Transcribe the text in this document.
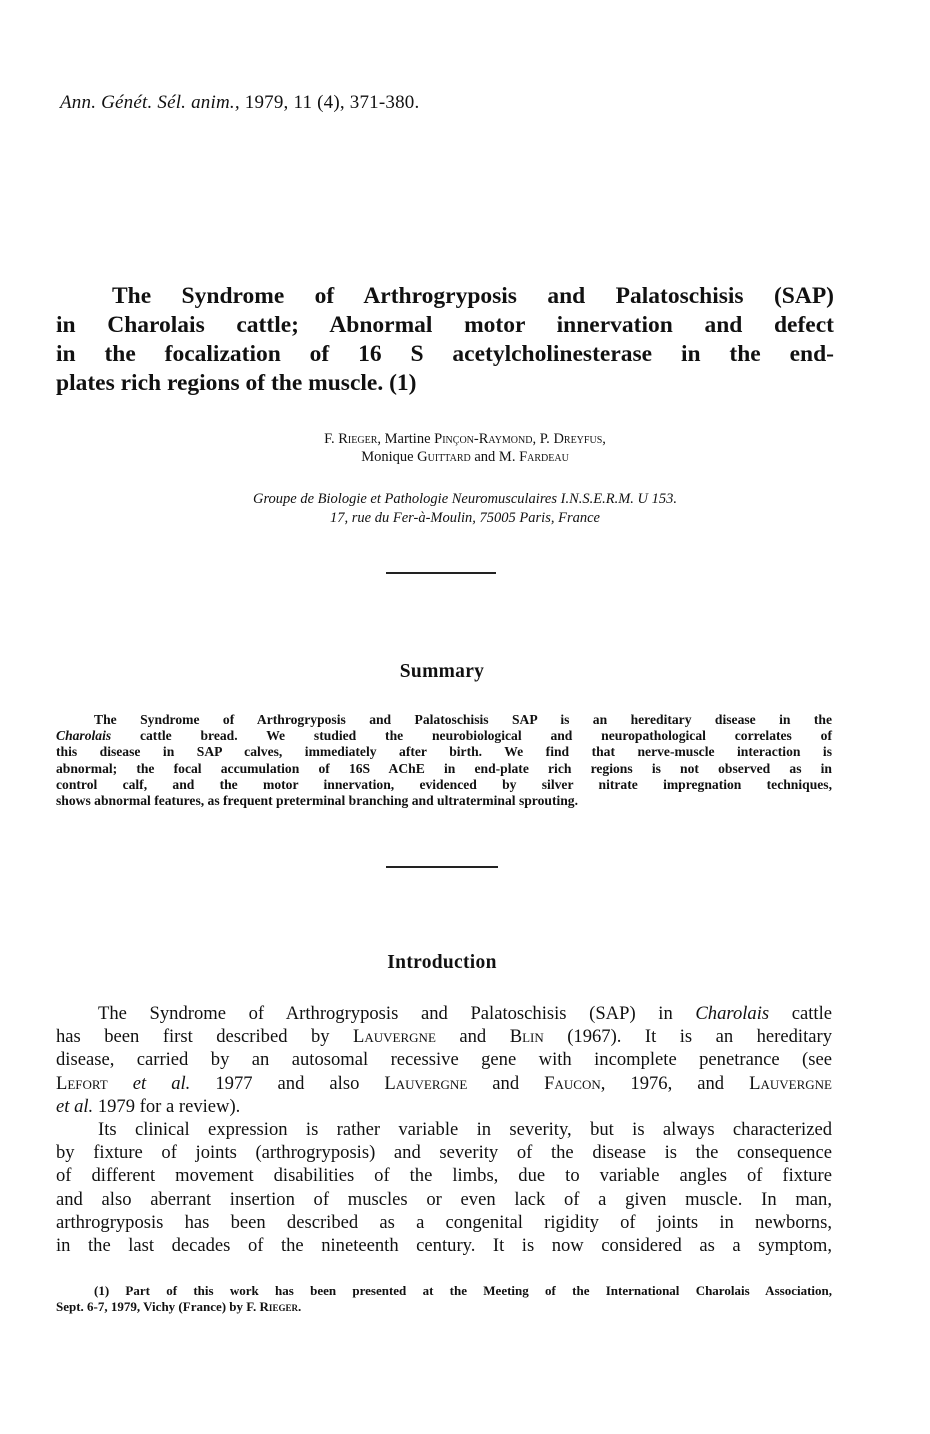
Ann. Génét. Sél. anim., 1979, 11 (4), 371-380.
The Syndrome of Arthrogryposis and Palatoschisis (SAP)
in Charolais cattle; Abnormal motor innervation and defect
in the focalization of 16 S acetylcholinesterase in the end-
plates rich regions of the muscle. (1)
F. Rieger, Martine Pinçon-Raymond, P. Dreyfus,
Monique Guittard and M. Fardeau
Groupe de Biologie et Pathologie Neuromusculaires I.N.S.E.R.M. U 153.
17, rue du Fer-à-Moulin, 75005 Paris, France
Summary
The Syndrome of Arthrogryposis and Palatoschisis SAP is an hereditary disease in the
Charolais cattle bread. We studied the neurobiological and neuropathological correlates of
this disease in SAP calves, immediately after birth. We find that nerve-muscle interaction is
abnormal; the focal accumulation of 16S AChE in end-plate rich regions is not observed as in
control calf, and the motor innervation, evidenced by silver nitrate impregnation techniques,
shows abnormal features, as frequent preterminal branching and ultraterminal sprouting.
Introduction
The Syndrome of Arthrogryposis and Palatoschisis (SAP) in Charolais cattle
has been first described by Lauvergne and Blin (1967). It is an hereditary
disease, carried by an autosomal recessive gene with incomplete penetrance (see
Lefort et al. 1977 and also Lauvergne and Faucon, 1976, and Lauvergne
et al. 1979 for a review).
Its clinical expression is rather variable in severity, but is always characterized
by fixture of joints (arthrogryposis) and severity of the disease is the consequence
of different movement disabilities of the limbs, due to variable angles of fixture
and also aberrant insertion of muscles or even lack of a given muscle. In man,
arthrogryposis has been described as a congenital rigidity of joints in newborns,
in the last decades of the nineteenth century. It is now considered as a symptom,
(1) Part of this work has been presented at the Meeting of the International Charolais Association,
Sept. 6-7, 1979, Vichy (France) by F. Rieger.
